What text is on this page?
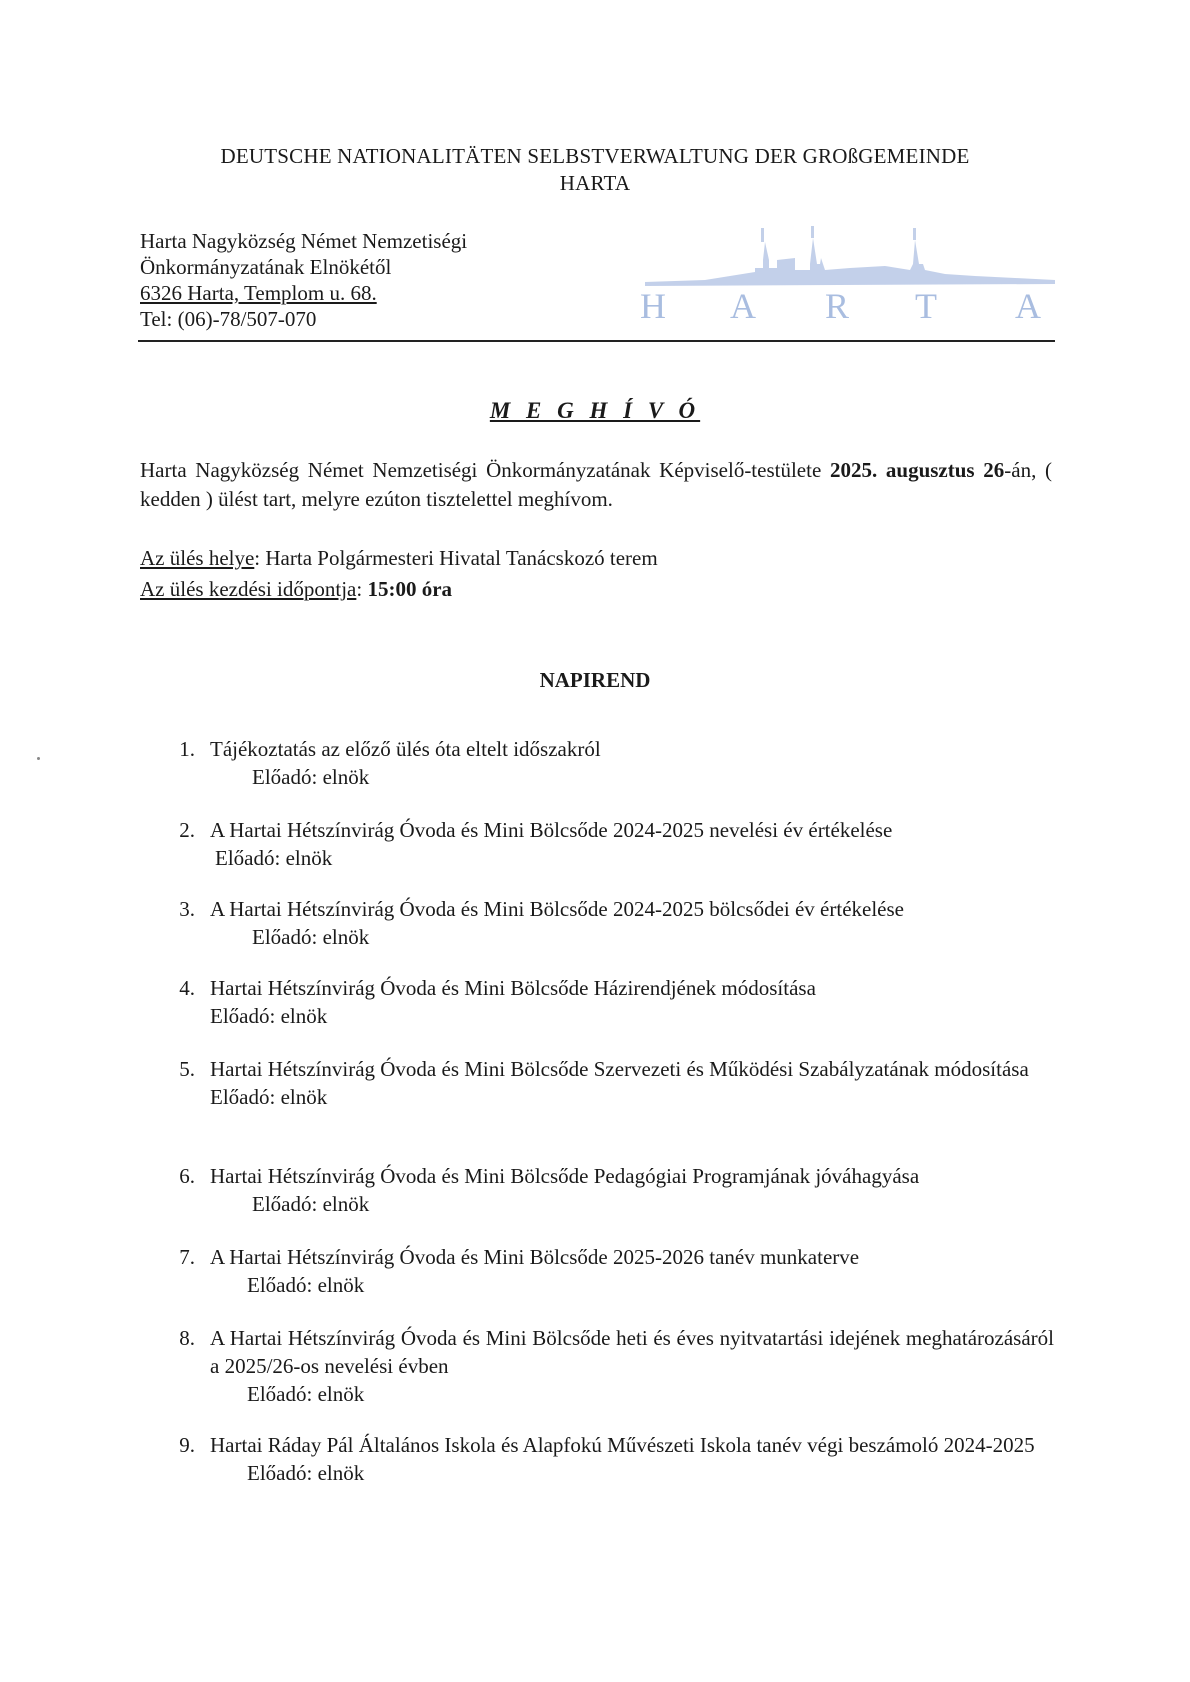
DEUTSCHE NATIONALITÄTEN SELBSTVERWALTUNG DER GROßGEMEINDE
HARTA
Harta Nagyközség Német Nemzetiségi
Önkormányzatának Elnökétől
6326 Harta, Templom u. 68.
Tel: (06)-78/507-070	H A R T A
M E G H Í V Ó
Harta Nagyközség Német Nemzetiségi Önkormányzatának Képviselő-testülete 2025. augusztus 26-án, ( kedden ) ülést tart, melyre ezúton tisztelettel meghívom.
Az ülés helye: Harta Polgármesteri Hivatal Tanácskozó terem
Az ülés kezdési időpontja: 15:00 óra
NAPIREND
1. Tájékoztatás az előző ülés óta eltelt időszakról
Előadó: elnök
2. A Hartai Hétszínvirág Óvoda és Mini Bölcsőde 2024-2025 nevelési év értékelése
Előadó: elnök
3. A Hartai Hétszínvirág Óvoda és Mini Bölcsőde 2024-2025 bölcsődei év értékelése
Előadó: elnök
4. Hartai Hétszínvirág Óvoda és Mini Bölcsőde Házirendjének módosítása
Előadó: elnök
5. Hartai Hétszínvirág Óvoda és Mini Bölcsőde Szervezeti és Működési Szabályzatának módosítása
Előadó: elnök
6. Hartai Hétszínvirág Óvoda és Mini Bölcsőde Pedagógiai Programjának jóváhagyása
Előadó: elnök
7. A Hartai Hétszínvirág Óvoda és Mini Bölcsőde 2025-2026 tanév munkaterve
Előadó: elnök
8. A Hartai Hétszínvirág Óvoda és Mini Bölcsőde heti és éves nyitvatartási idejének meghatározásáról a 2025/26-os nevelési évben
Előadó: elnök
9. Hartai Ráday Pál Általános Iskola és Alapfokú Művészeti Iskola tanév végi beszámoló 2024-2025
Előadó: elnök
